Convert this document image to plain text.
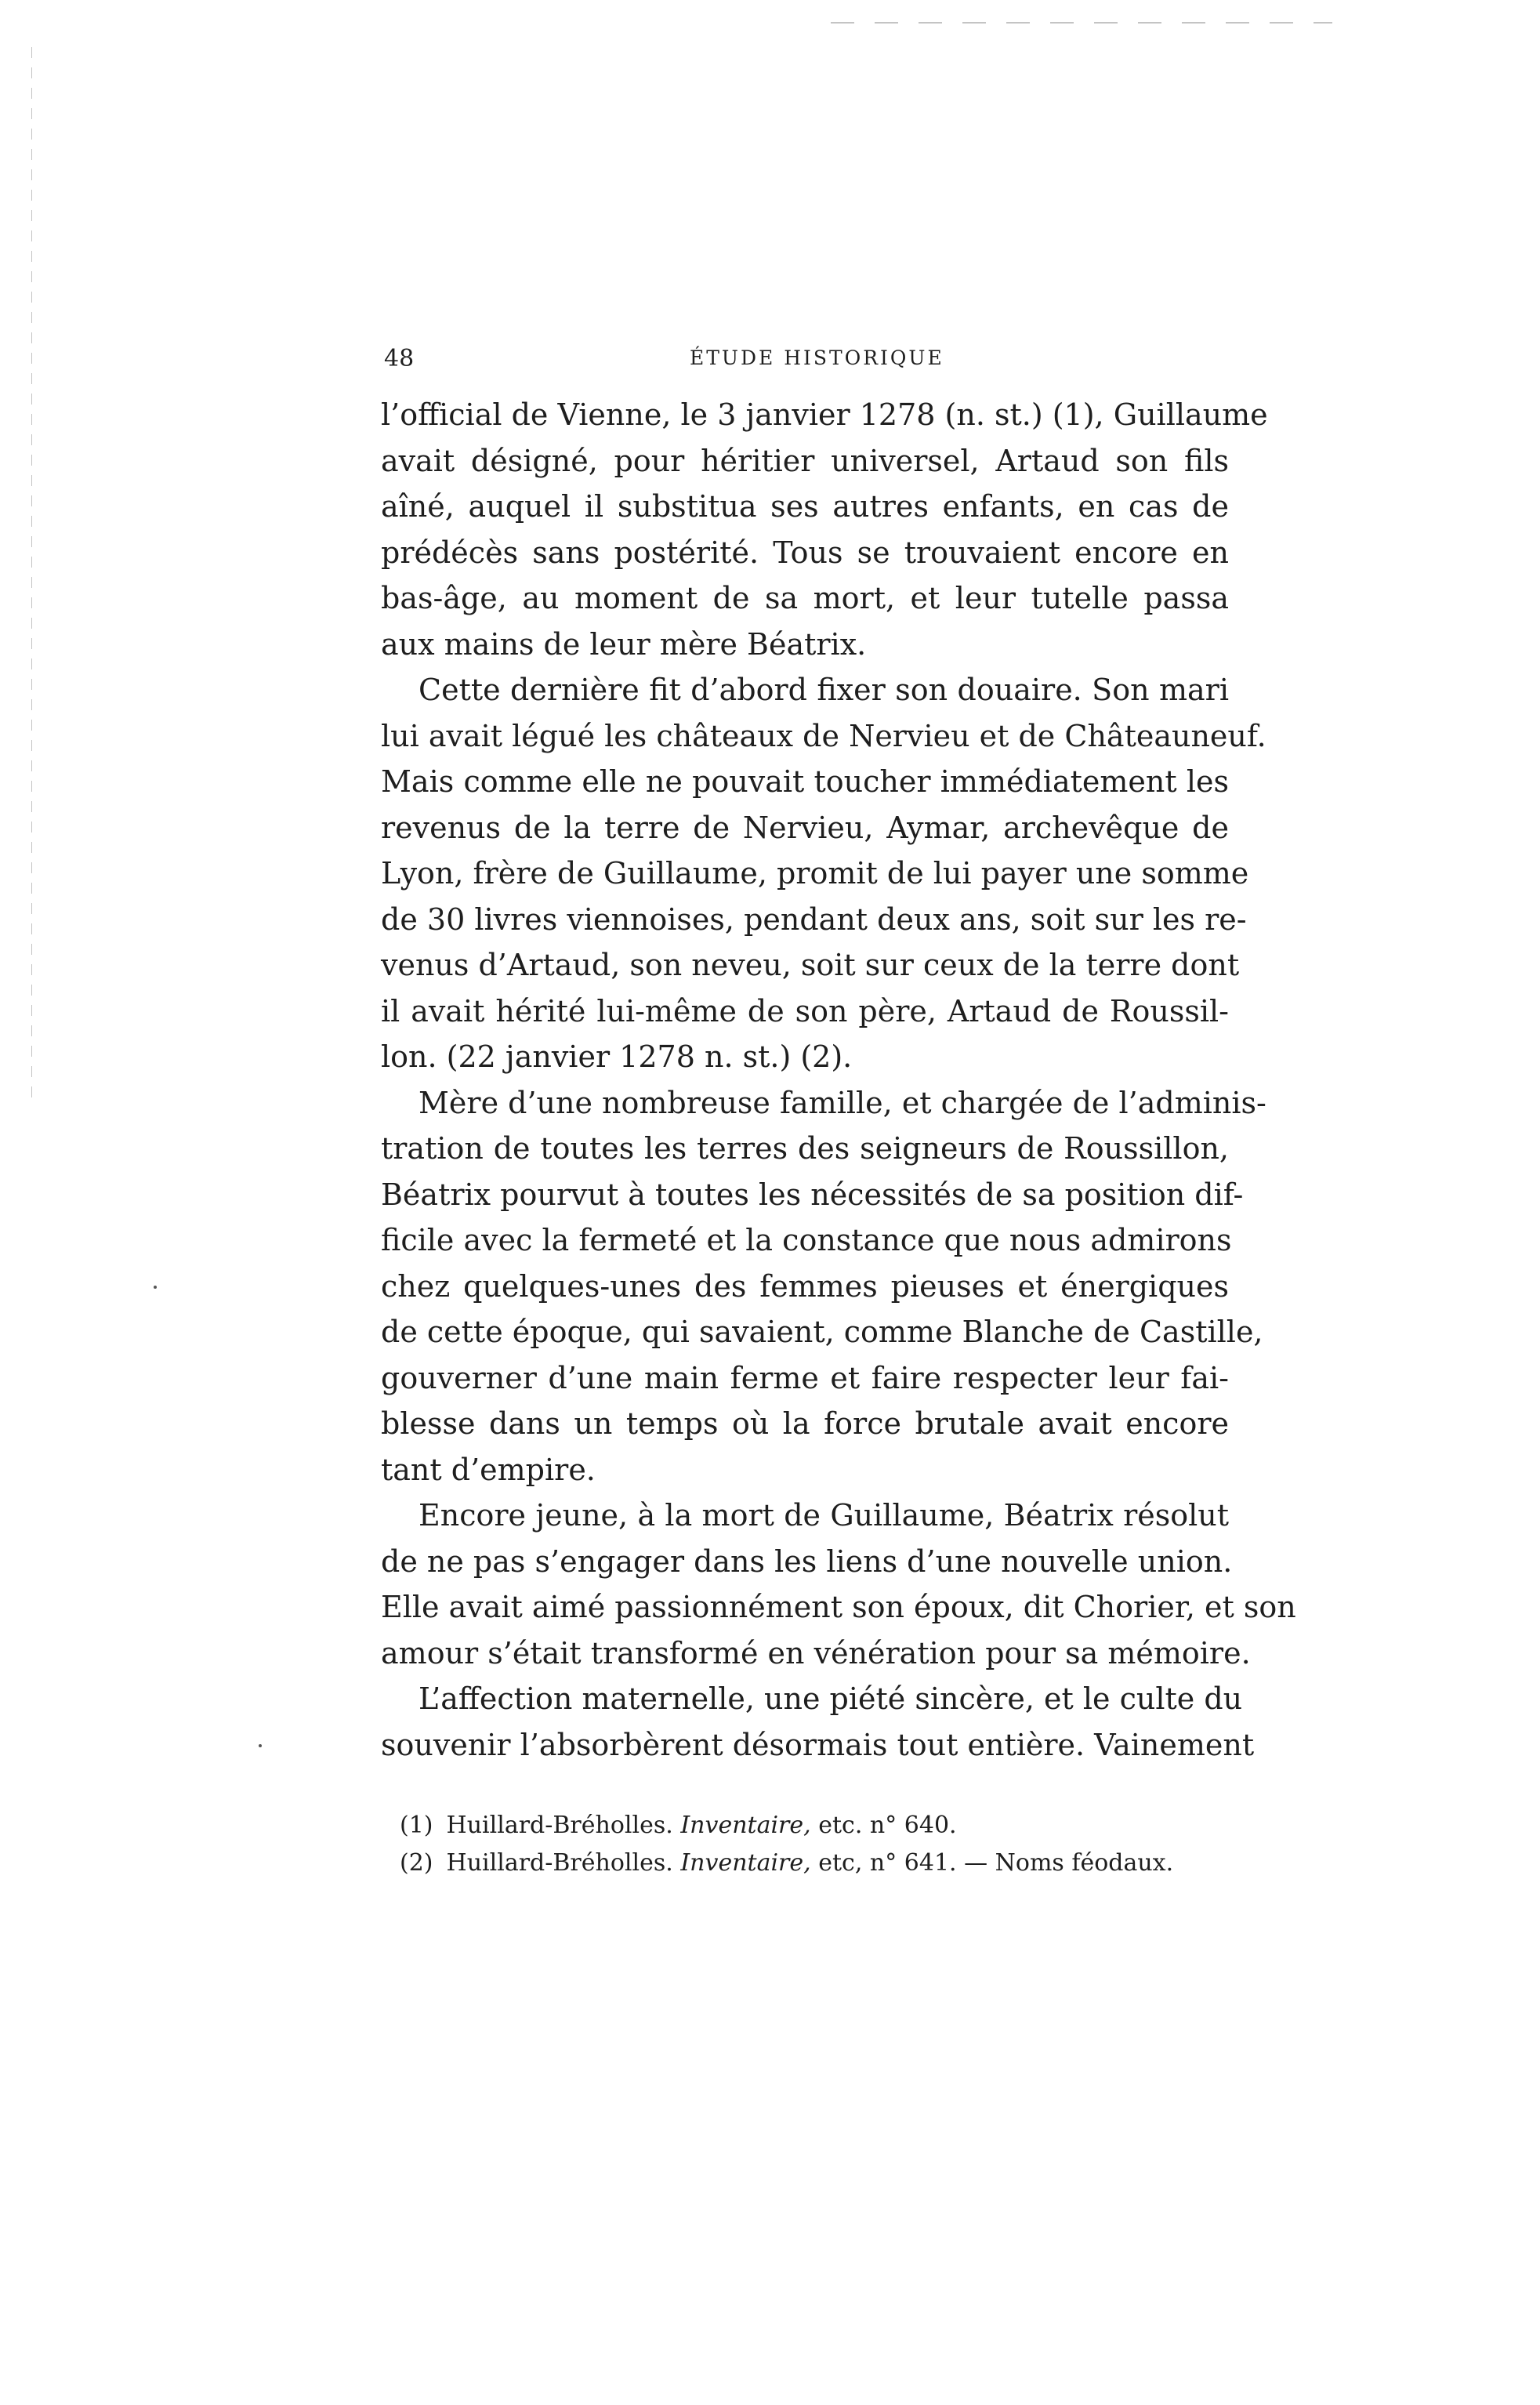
48	ÉTUDE HISTORIQUE
l’official de Vienne, le 3 janvier 1278 (n. st.) (1), Guillaume
avait désigné, pour héritier universel, Artaud son fils
aîné, auquel il substitua ses autres enfants, en cas de
prédécès sans postérité. Tous se trouvaient encore en
bas-âge, au moment de sa mort, et leur tutelle passa
aux mains de leur mère Béatrix.
Cette dernière fit d’abord fixer son douaire. Son mari
lui avait légué les châteaux de Nervieu et de Châteauneuf.
Mais comme elle ne pouvait toucher immédiatement les
revenus de la terre de Nervieu, Aymar, archevêque de
Lyon, frère de Guillaume, promit de lui payer une somme
de 30 livres viennoises, pendant deux ans, soit sur les re-
venus d’Artaud, son neveu, soit sur ceux de la terre dont
il avait hérité lui-même de son père, Artaud de Roussil-
lon. (22 janvier 1278 n. st.) (2).
Mère d’une nombreuse famille, et chargée de l’adminis-
tration de toutes les terres des seigneurs de Roussillon,
Béatrix pourvut à toutes les nécessités de sa position dif-
ficile avec la fermeté et la constance que nous admirons
chez quelques-unes des femmes pieuses et énergiques
de cette époque, qui savaient, comme Blanche de Castille,
gouverner d’une main ferme et faire respecter leur fai-
blesse dans un temps où la force brutale avait encore
tant d’empire.
Encore jeune, à la mort de Guillaume, Béatrix résolut
de ne pas s’engager dans les liens d’une nouvelle union.
Elle avait aimé passionnément son époux, dit Chorier, et son
amour s’était transformé en vénération pour sa mémoire.
L’affection maternelle, une piété sincère, et le culte du
souvenir l’absorbèrent désormais tout entière. Vainement
(1) Huillard-Bréholles. Inventaire, etc. n° 640.
(2) Huillard-Bréholles. Inventaire, etc, n° 641. — Noms féodaux.
